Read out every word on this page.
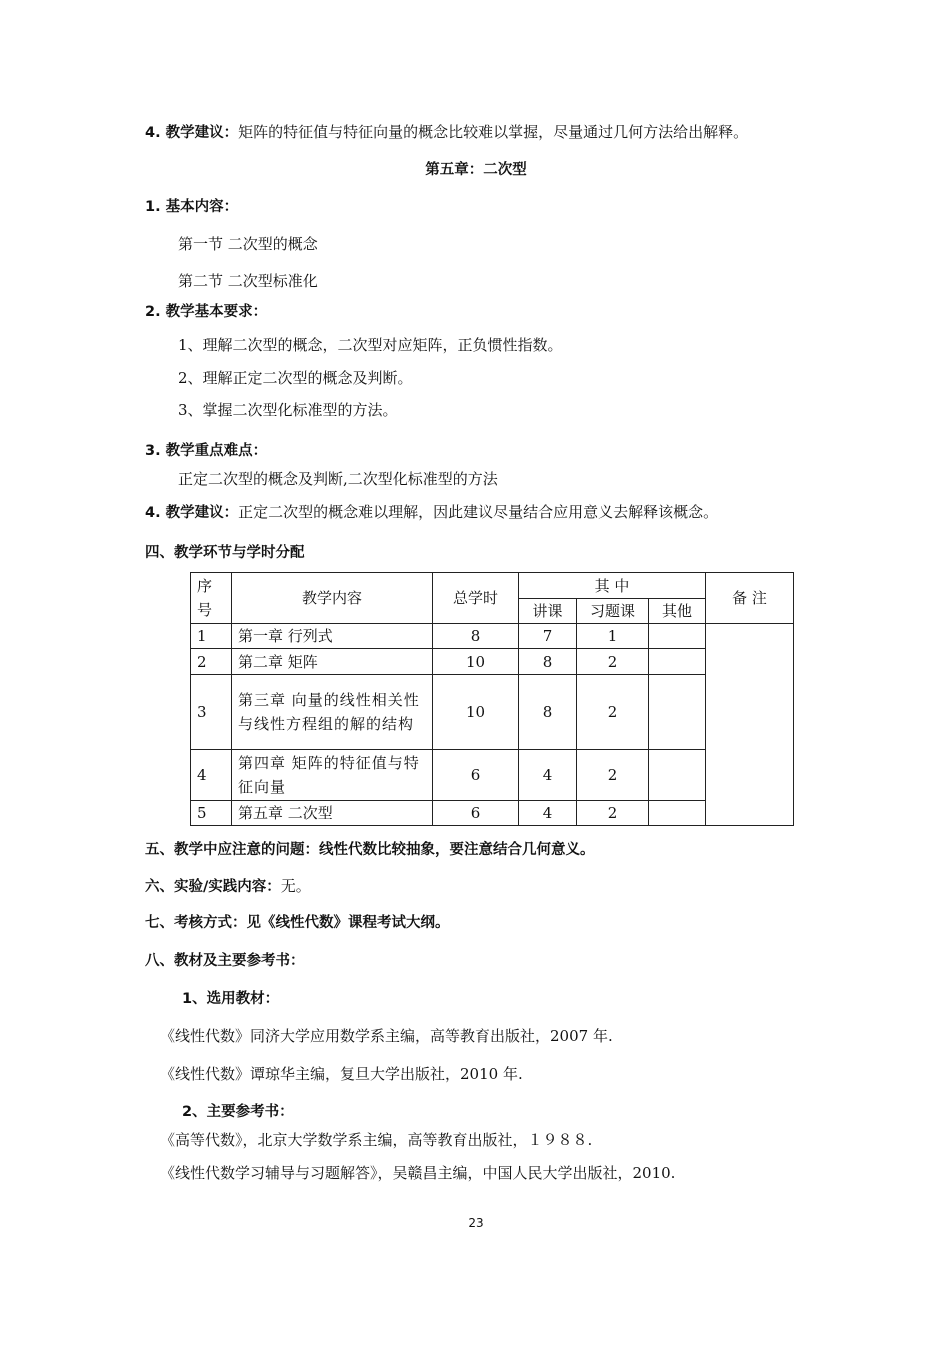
4. 教学建议：矩阵的特征值与特征向量的概念比较难以掌握，尽量通过几何方法给出解释。
第五章：二次型
1. 基本内容：
第一节 二次型的概念
第二节 二次型标准化
2. 教学基本要求：
1、理解二次型的概念，二次型对应矩阵，正负惯性指数。
2、理解正定二次型的概念及判断。
3、掌握二次型化标准型的方法。
3. 教学重点难点：
正定二次型的概念及判断,二次型化标准型的方法
4. 教学建议：正定二次型的概念难以理解，因此建议尽量结合应用意义去解释该概念。
四、教学环节与学时分配
序号	教学内容	总学时	其 中			备 注
			讲课	习题课	其他	
1	第一章 行列式	8	7	1		
2	第二章 矩阵	10	8	2		
3	第三章 向量的线性相关性与线性方程组的解的结构	10	8	2		
4	第四章 矩阵的特征值与特征向量	6	4	2		
5	第五章 二次型	6	4	2		
五、教学中应注意的问题：线性代数比较抽象，要注意结合几何意义。
六、实验/实践内容：无。
七、考核方式：见《线性代数》课程考试大纲。
八、教材及主要参考书：
1、选用教材：
《线性代数》同济大学应用数学系主编，高等教育出版社，2007 年.
《线性代数》谭琼华主编，复旦大学出版社，2010 年.
2、主要参考书：
《高等代数》，北京大学数学系主编，高等教育出版社，１９８８.
《线性代数学习辅导与习题解答》，吴赣昌主编，中国人民大学出版社，2010.
23
